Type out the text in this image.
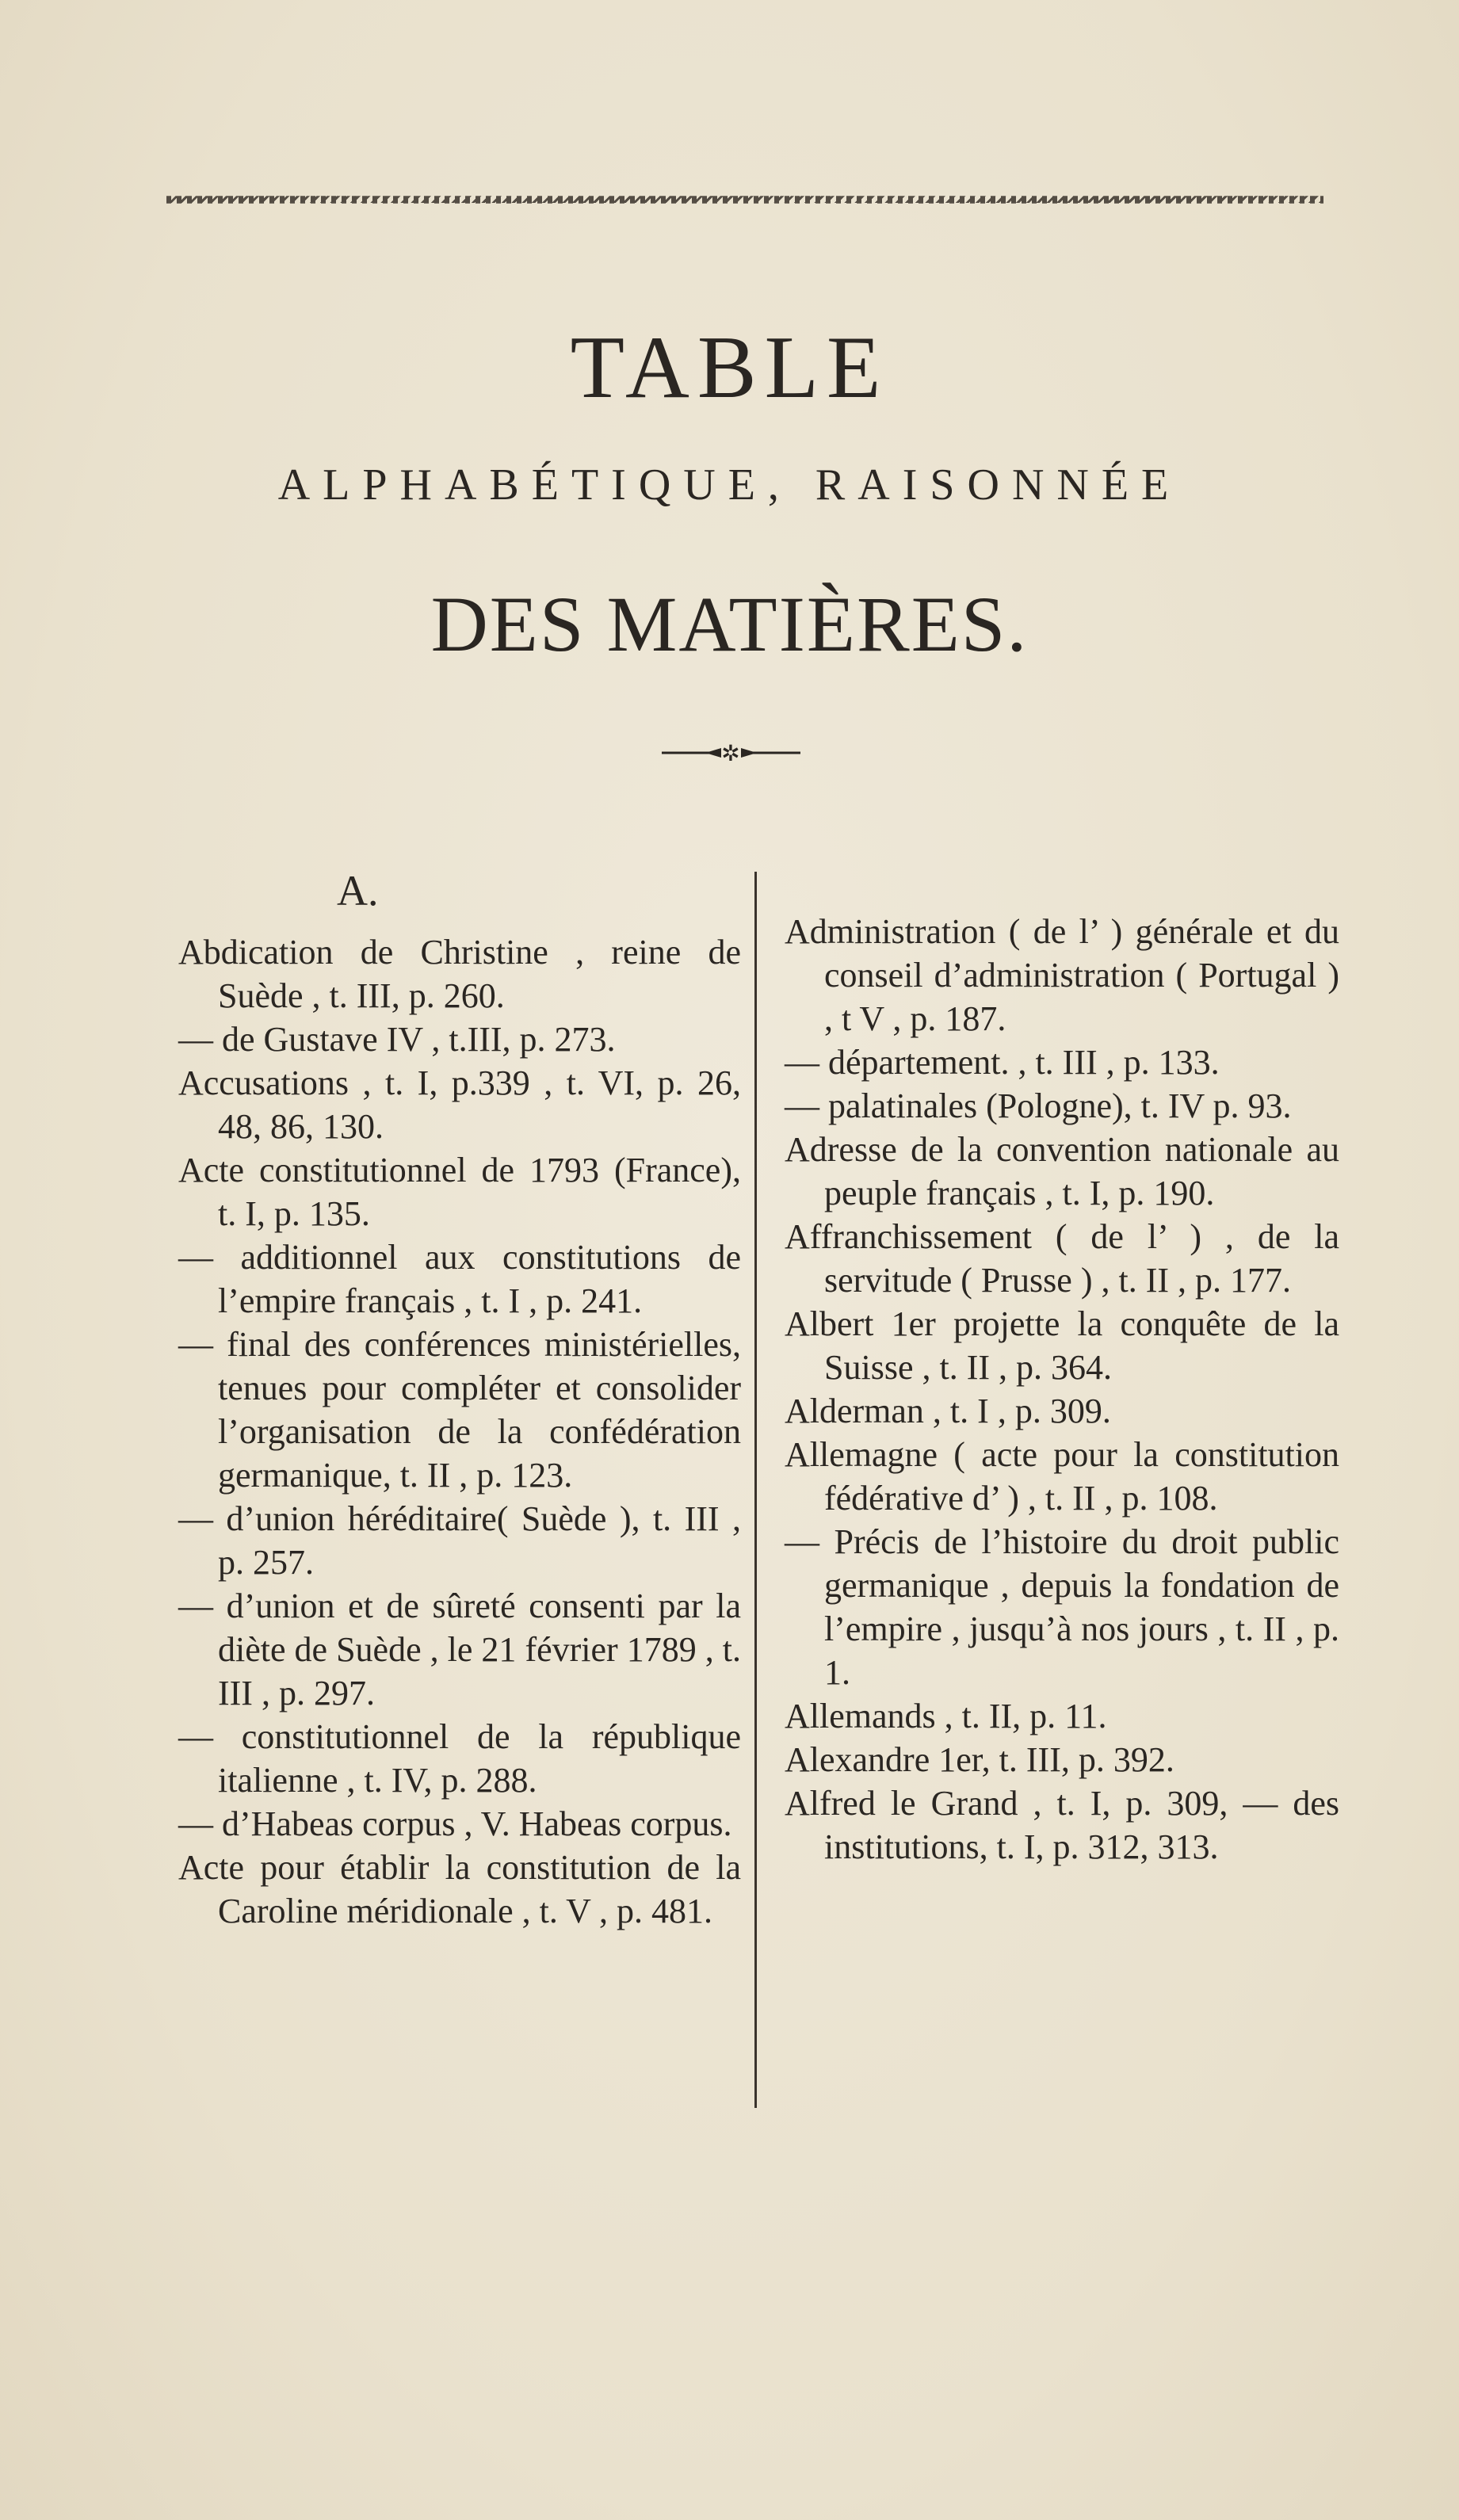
TABLE
ALPHABÉTIQUE, RAISONNÉE
DES MATIÈRES.
✲

A.

Abdication de Christine , reine de Suède , t. III, p. 260.

— de Gustave IV , t.III, p. 273.

Accusations , t. I, p.339 , t. VI, p. 26, 48, 86, 130.

Acte constitutionnel de 1793 (France), t. I, p. 135.

— additionnel aux constitutions de l’empire français , t. I , p. 241.

— final des conférences ministérielles, tenues pour compléter et consolider l’organisation de la confédération germanique, t. II , p. 123.

— d’union héréditaire( Suède ), t. III , p. 257.

— d’union et de sûreté consenti par la diète de Suède , le 21 février 1789 , t. III , p. 297.

— constitutionnel de la république italienne , t. IV, p. 288.

— d’Habeas corpus , V. Habeas corpus.

Acte pour établir la constitution de la Caroline méridionale , t. V , p. 481.

Administration ( de l’ ) générale et du conseil d’administration ( Portugal ) , t V , p. 187.

— département. , t. III , p. 133.

— palatinales (Pologne), t. IV p. 93.

Adresse de la convention nationale au peuple français , t. I, p. 190.

Affranchissement ( de l’ ) , de la servitude ( Prusse ) , t. II , p. 177.

Albert 1er projette la conquête de la Suisse , t. II , p. 364.

Alderman , t. I , p. 309.

Allemagne ( acte pour la constitution fédérative d’ ) , t. II , p. 108.

— Précis de l’histoire du droit public germanique , depuis la fondation de l’empire , jusqu’à nos jours , t. II , p. 1.

Allemands , t. II, p. 11.

Alexandre 1er, t. III, p. 392.

Alfred le Grand , t. I, p. 309, — des institutions, t. I, p. 312, 313.
